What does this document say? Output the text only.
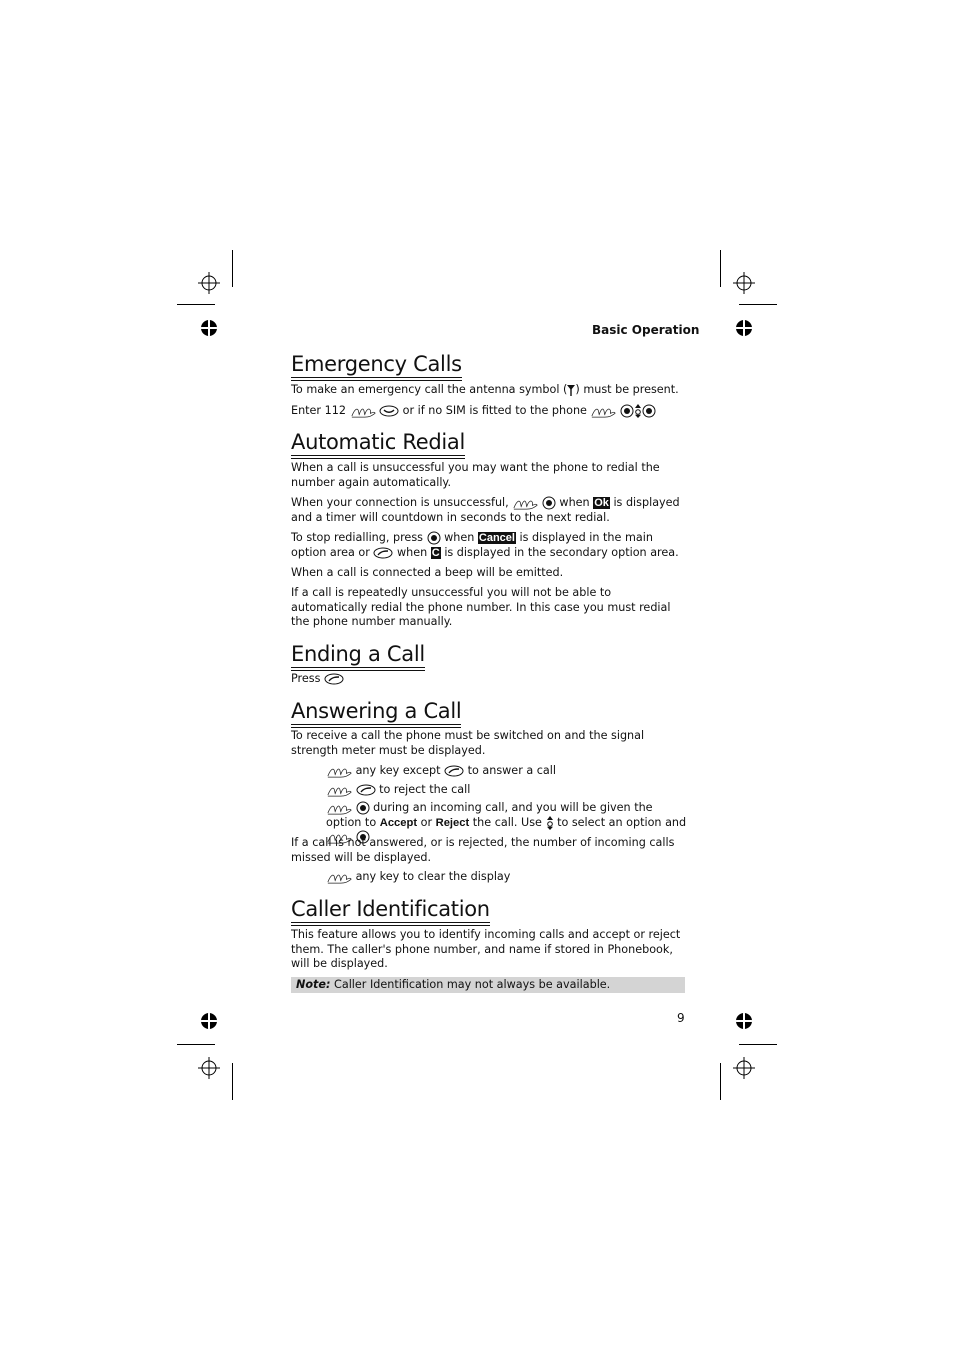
Basic Operation
Emergency Calls

To make an emergency call the antenna symbol ( ) must be present.

Enter 112	or if no SIM is fitted to the phone

Automatic Redial

When a call is unsuccessful you may want the phone to redial the number again automatically.

When your connection is unsuccessful,	when Ok is displayed and a timer will countdown in seconds to the next redial.

To stop redialling, press when Cancel is displayed in the main option area or when C is displayed in the secondary option area.

When a call is connected a beep will be emitted.

If a call is repeatedly unsuccessful you will not be able to automatically redial the phone number. In this case you must redial the phone number manually.

Ending a Call

Press

Answering a Call

To receive a call the phone must be switched on and the signal strength meter must be displayed.

any key except to answer a call

to reject the call

during an incoming call, and you will be given the option to Accept or Reject the call. Use to select an option and

If a call is not answered, or is rejected, the number of incoming calls missed will be displayed.

any key to clear the display

Caller Identification

This feature allows you to identify incoming calls and accept or reject them. The caller's phone number, and name if stored in Phonebook, will be displayed.

Note: Caller Identification may not always be available.
9
